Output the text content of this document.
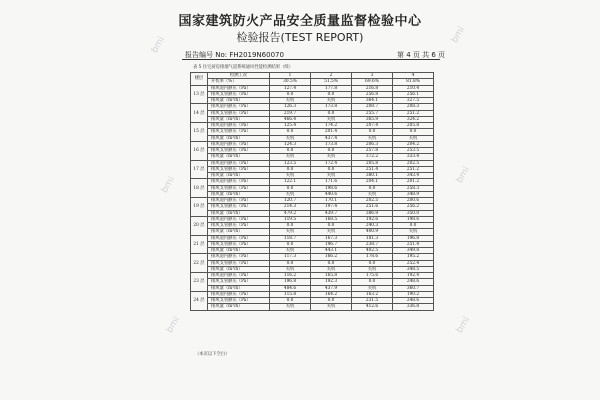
bmi
bmi
bmi
bmi
bmi	bmi
国家建筑防火产品安全质量监督检验中心
检验报告(TEST REPORT)
报告编号 No: FH2019N60070	第 4 页 共 6 页
表 5 住宅厨房排烟气道系统通风性能检测结果（续）
楼层	检测工况	1	2	3	4
	开机率（%）	30.5%	51.5%	69.6%	81.8%
13 层	排风道内静压（Pa）	127.4	177.8	216.8	210.4
	排风支管静压（Pa）	0.0	0.0	256.8	256.1
	排风量（m³/h）	关机	关机	364.1	327.5
14 层	排风道内静压（Pa）	126.3	173.8	208.7	208.3
	排风支管静压（Pa）	219.7	0.0	255.7	251.2
	排风量（m³/h）	466.4	关机	365.9	324.2
15 层	排风道内静压（Pa）	125.4	174.2	207.4	205.8
	排风支管静压（Pa）	0.0	201.4	0.0	0.0
	排风量（m³/h）	关机	437.4	关机	关机
16 层	排风道内静压（Pa）	124.3	173.8	206.3	204.2
	排风支管静压（Pa）	0.0	0.0	257.8	253.5
	排风量（m³/h）	关机	关机	372.2	333.4
17 层	排风道内静压（Pa）	123.5	172.4	205.8	202.5
	排风支管静压（Pa）	0.0	0.0	251.4	251.2
	排风量（m³/h）	关机	关机	380.1	343.4
18 层	排风道内静压（Pa）	122.1	171.6	204.1	201.2
	排风支管静压（Pa）	0.0	198.6	0.0	258.3
	排风量（m³/h）	关机	440.6	关机	348.9
19 层	排风道内静压（Pa）	120.7	170.1	202.5	200.6
	排风支管静压（Pa）	214.3	197.4	251.6	256.2
	排风量（m³/h）	479.2	439.7	386.9	350.0
20 层	排风道内静压（Pa）	119.5	168.5	192.6	198.6
	排风支管静压（Pa）	0.0	0.0	240.3	0.0
	排风量（m³/h）	关机	关机	400.9	关机
21 层	排风道内静压（Pa）	118.7	167.3	181.3	196.8
	排风支管静压（Pa）	0.0	196.7	238.7	251.4
	排风量（m³/h）	关机	443.1	402.5	349.8
22 层	排风道内静压（Pa）	117.3	166.2	178.6	195.2
	排风支管静压（Pa）	0.0	0.0	0.0	252.4
	排风量（m³/h）	关机	关机	关机	348.5
23 层	排风道内静压（Pa）	116.2	165.8	175.6	192.4
	排风支管静压（Pa）	196.8	192.3	0.0	248.6
	排风量（m³/h）	484.6	437.9	关机	360.7
24 层	排风道内静压（Pa）	115.8	164.2	163.2	190.2
	排风支管静压（Pa）	0.0	0.0	231.5	248.6
	排风量（m³/h）	关机	关机	412.6	336.8
（本页以下空白）
